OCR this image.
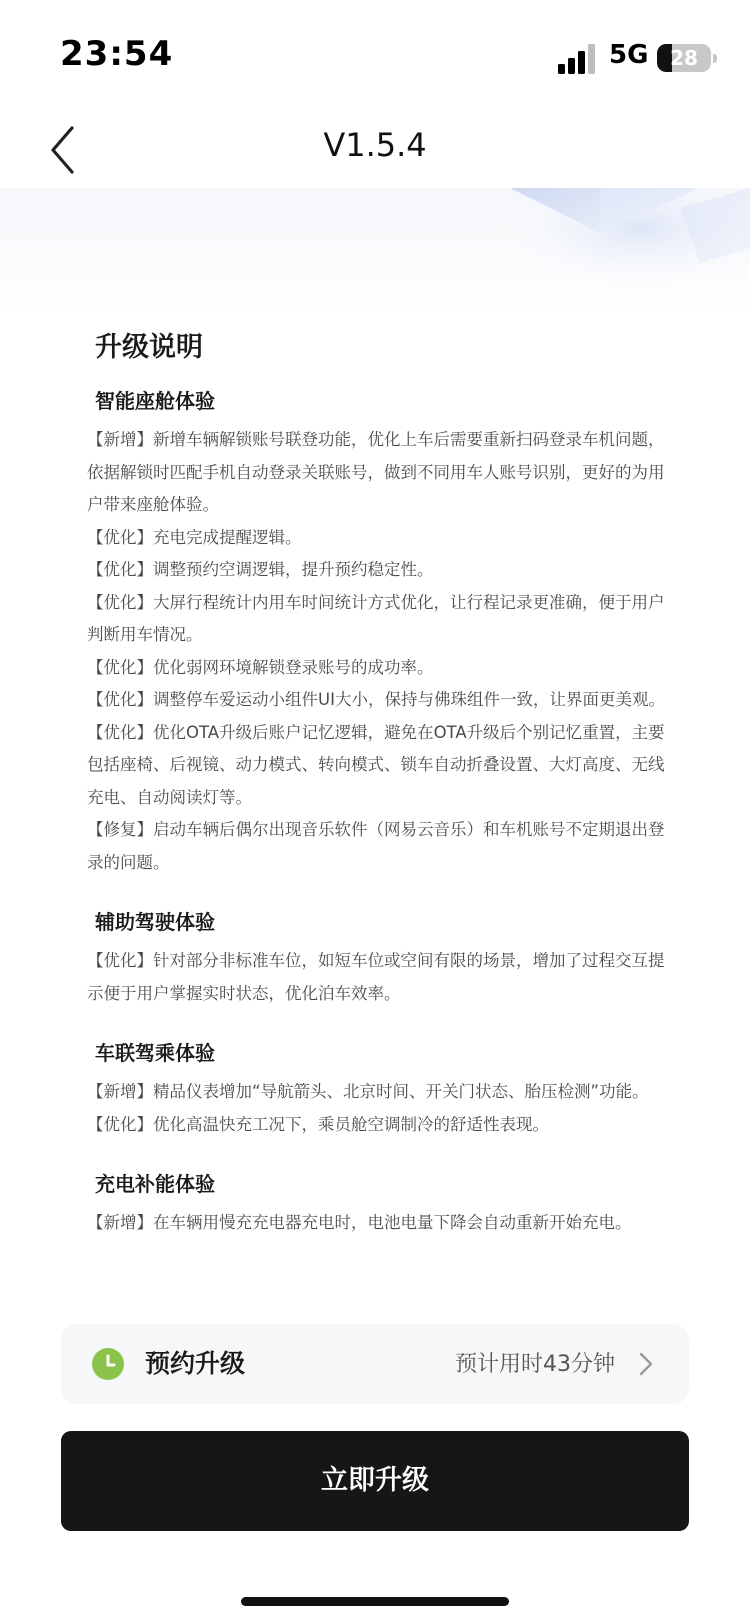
23:54	5G	28
V1.5.4
升级说明
智能座舱体验
【新增】新增车辆解锁账号联登功能，优化上车后需要重新扫码登录车机问题，依据解锁时匹配手机自动登录关联账号，做到不同用车人账号识别，更好的为用户带来座舱体验。
【优化】充电完成提醒逻辑。
【优化】调整预约空调逻辑，提升预约稳定性。
【优化】大屏行程统计内用车时间统计方式优化，让行程记录更准确，便于用户判断用车情况。
【优化】优化弱网环境解锁登录账号的成功率。
【优化】调整停车爱运动小组件UI大小，保持与佛珠组件一致，让界面更美观。
【优化】优化OTA升级后账户记忆逻辑，避免在OTA升级后个别记忆重置，主要包括座椅、后视镜、动力模式、转向模式、锁车自动折叠设置、大灯高度、无线充电、自动阅读灯等。
【修复】启动车辆后偶尔出现音乐软件（网易云音乐）和车机账号不定期退出登录的问题。
辅助驾驶体验
【优化】针对部分非标准车位，如短车位或空间有限的场景，增加了过程交互提示便于用户掌握实时状态，优化泊车效率。
车联驾乘体验
【新增】精品仪表增加“导航箭头、北京时间、开关门状态、胎压检测”功能。
【优化】优化高温快充工况下，乘员舱空调制冷的舒适性表现。
充电补能体验
【新增】在车辆用慢充充电器充电时，电池电量下降会自动重新开始充电。
预约升级	预计用时43分钟
立即升级
